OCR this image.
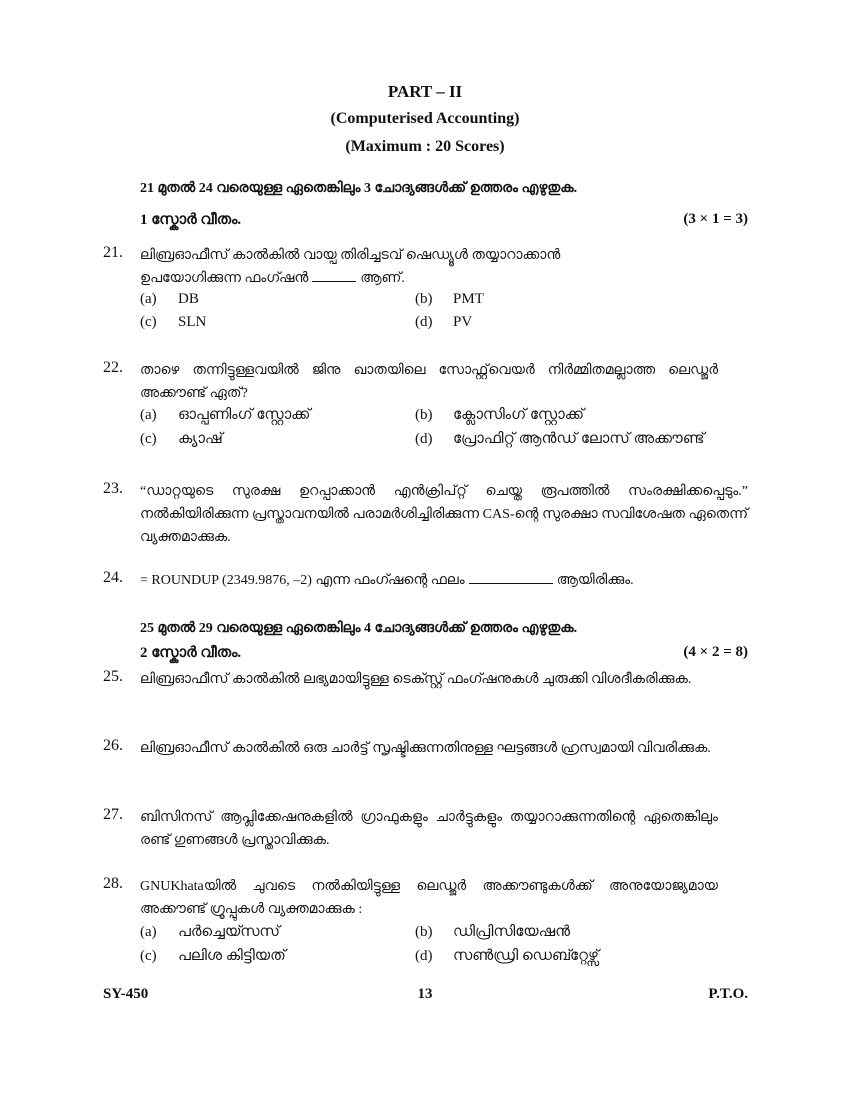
PART – II
(Computerised Accounting)
(Maximum : 20 Scores)
21 മുതൽ 24 വരെയുള്ള ഏതെങ്കിലും 3 ചോദ്യങ്ങൾക്ക് ഉത്തരം എഴുതുക.
1 സ്കോർ വീതം.	(3 × 1 = 3)
21. ലിബ്രഓഫീസ് കാൽകിൽ വായ്പ തിരിച്ചടവ് ഷെഡ്യൂൾ തയ്യാറാക്കാൻ
ഉപയോഗിക്കുന്ന ഫംഗ്ഷൻ	ആണ്.
(a) DB	(b) PMT
(c) SLN	(d) PV
22. താഴെ തന്നിട്ടുള്ളവയിൽ ജിനു ഖാതയിലെ സോഫ്റ്റ്‌വെയർ നിർമ്മിതമല്ലാത്ത ലെഡ്ജർ അക്കൗണ്ട് ഏത്?
(a) ഓപ്പണിംഗ് സ്റ്റോക്ക്	(b) ക്ലോസിംഗ് സ്റ്റോക്ക്
(c) ക്യാഷ്	(d) പ്രോഫിറ്റ് ആൻഡ് ലോസ് അക്കൗണ്ട്
23. “ഡാറ്റയുടെ സുരക്ഷ ഉറപ്പാക്കാൻ എൻക്രിപ്റ്റ് ചെയ്ത രൂപത്തിൽ സംരക്ഷിക്കപ്പെടും.” നൽകിയിരിക്കുന്ന പ്രസ്താവനയിൽ പരാമർശിച്ചിരിക്കുന്ന CAS-ന്റെ സുരക്ഷാ സവിശേഷത ഏതെന്ന് വ്യക്തമാക്കുക.
24. = ROUNDUP (2349.9876, –2) എന്ന ഫംഗ്ഷന്റെ ഫലം	ആയിരിക്കും.
25 മുതൽ 29 വരെയുള്ള ഏതെങ്കിലും 4 ചോദ്യങ്ങൾക്ക് ഉത്തരം എഴുതുക.
2 സ്കോർ വീതം.	(4 × 2 = 8)
25. ലിബ്രഓഫീസ് കാൽകിൽ ലഭ്യമായിട്ടുള്ള ടെക്സ്റ്റ് ഫംഗ്ഷനുകൾ ചുരുക്കി വിശദീകരിക്കുക.
26. ലിബ്രഓഫീസ് കാൽകിൽ ഒരു ചാർട്ട് സൃഷ്ടിക്കുന്നതിനുള്ള ഘട്ടങ്ങൾ ഹ്രസ്വമായി വിവരിക്കുക.
27. ബിസിനസ് ആപ്ലിക്കേഷനുകളിൽ ഗ്രാഫുകളും ചാർട്ടുകളും തയ്യാറാക്കുന്നതിന്റെ ഏതെങ്കിലും രണ്ട് ഗുണങ്ങൾ പ്രസ്താവിക്കുക.
28. GNUKhataയിൽ ചുവടെ നൽകിയിട്ടുള്ള ലെഡ്ജർ അക്കൗണ്ടുകൾക്ക് അനുയോജ്യമായ അക്കൗണ്ട് ഗ്രൂപ്പുകൾ വ്യക്തമാക്കുക :
(a) പർച്ചെയ്സസ്	(b) ഡിപ്രിസിയേഷൻ
(c) പലിശ കിട്ടിയത്	(d) സൺഡ്രി ഡെബ്റ്റേഴ്സ്
SY-450	13	P.T.O.
